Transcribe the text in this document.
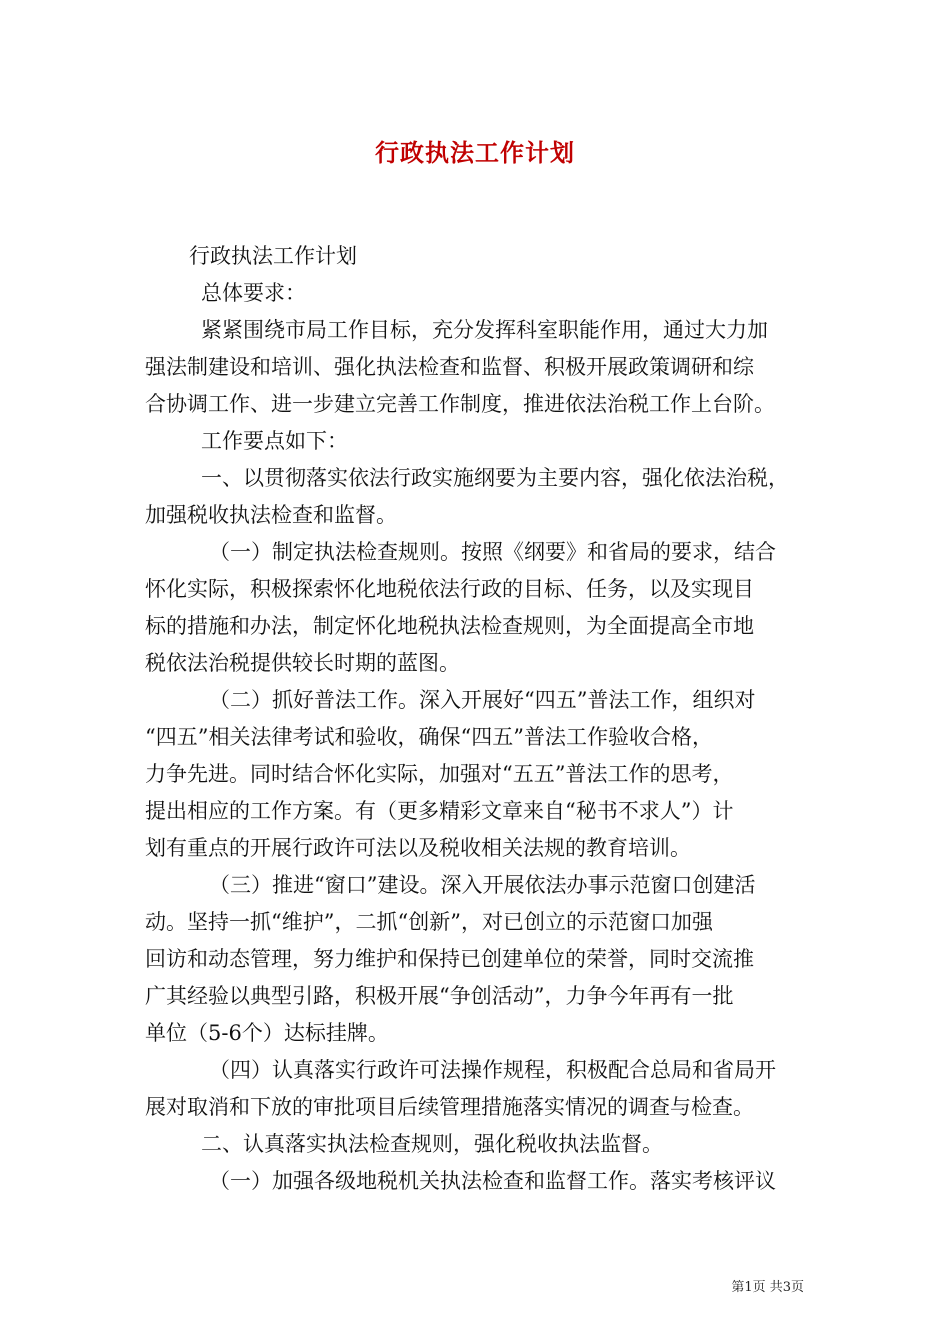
行政执法工作计划

行政执法工作计划

总体要求：

紧紧围绕市局工作目标，充分发挥科室职能作用，通过大力加

强法制建设和培训、强化执法检查和监督、积极开展政策调研和综

合协调工作、进一步建立完善工作制度，推进依法治税工作上台阶。

工作要点如下：

一、以贯彻落实依法行政实施纲要为主要内容，强化依法治税，

加强税收执法检查和监督。

（一）制定执法检查规则。按照《纲要》和省局的要求，结合

怀化实际，积极探索怀化地税依法行政的目标、任务，以及实现目

标的措施和办法，制定怀化地税执法检查规则，为全面提高全市地

税依法治税提供较长时期的蓝图。

（二）抓好普法工作。深入开展好“四五”普法工作，组织对

“四五”相关法律考试和验收，确保“四五”普法工作验收合格，

力争先进。同时结合怀化实际，加强对“五五”普法工作的思考，

提出相应的工作方案。有（更多精彩文章来自“秘书不求人”）计

划有重点的开展行政许可法以及税收相关法规的教育培训。

（三）推进“窗口”建设。深入开展依法办事示范窗口创建活

动。坚持一抓“维护”，二抓“创新”，对已创立的示范窗口加强

回访和动态管理，努力维护和保持已创建单位的荣誉，同时交流推

广其经验以典型引路，积极开展“争创活动”，力争今年再有一批

单位（5-6个）达标挂牌。

（四）认真落实行政许可法操作规程，积极配合总局和省局开

展对取消和下放的审批项目后续管理措施落实情况的调查与检查。

二、认真落实执法检查规则，强化税收执法监督。

（一）加强各级地税机关执法检查和监督工作。落实考核评议

第1页 共3页
